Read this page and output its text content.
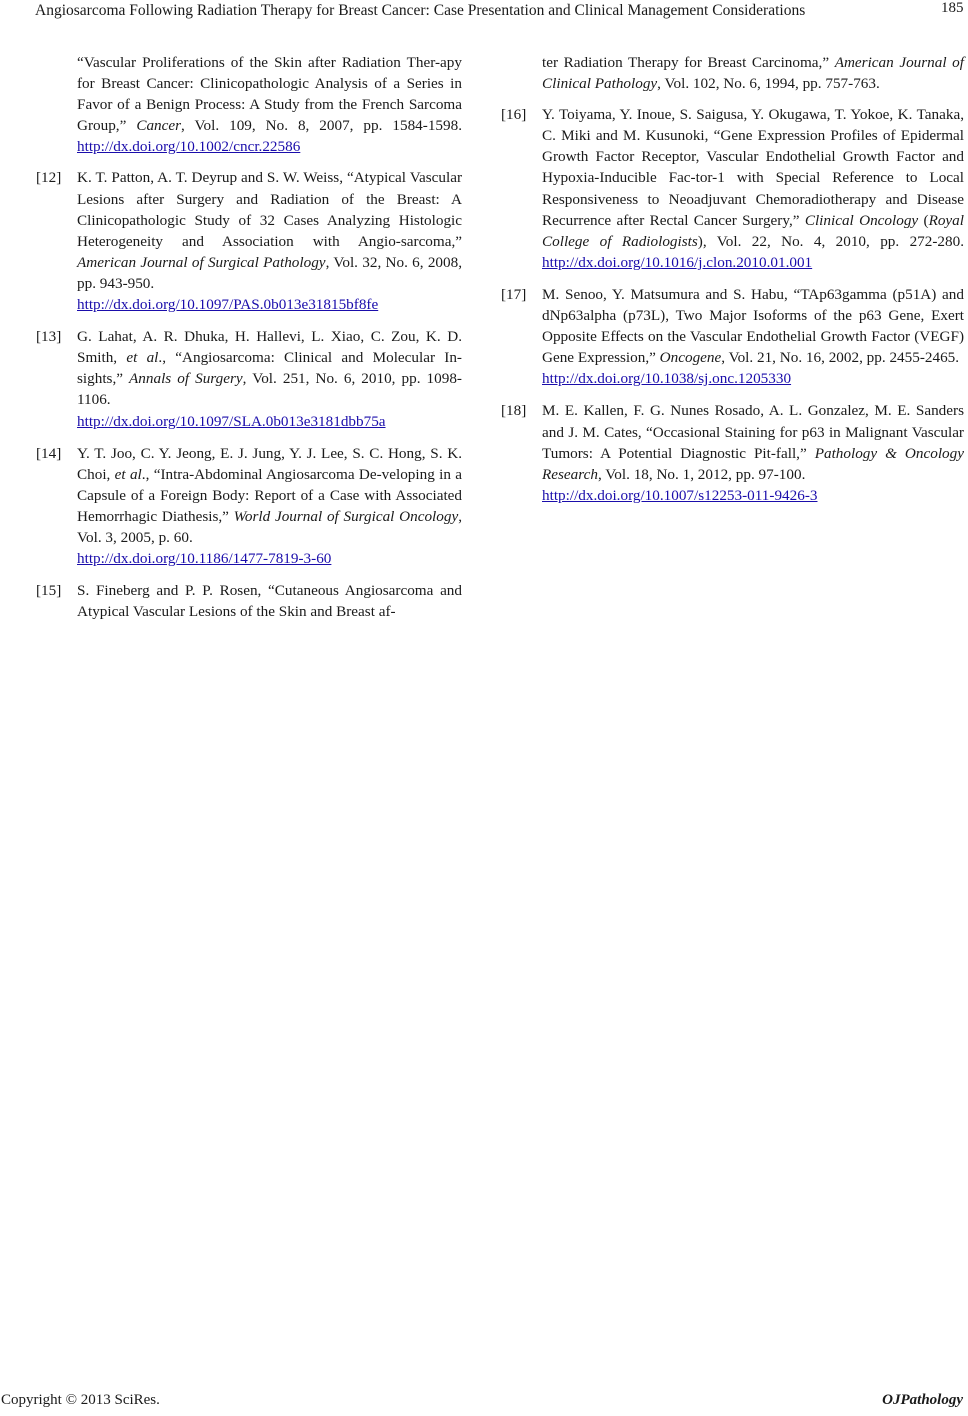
Angiosarcoma Following Radiation Therapy for Breast Cancer: Case Presentation and Clinical Management Considerations	185
“Vascular Proliferations of the Skin after Radiation Ther-apy for Breast Cancer: Clinicopathologic Analysis of a Series in Favor of a Benign Process: A Study from the French Sarcoma Group,” Cancer, Vol. 109, No. 8, 2007, pp. 1584-1598. http://dx.doi.org/10.1002/cncr.22586
[12] K. T. Patton, A. T. Deyrup and S. W. Weiss, “Atypical Vascular Lesions after Surgery and Radiation of the Breast: A Clinicopathologic Study of 32 Cases Analyzing Histologic Heterogeneity and Association with Angio-sarcoma,” American Journal of Surgical Pathology, Vol. 32, No. 6, 2008, pp. 943-950.
http://dx.doi.org/10.1097/PAS.0b013e31815bf8fe
[13] G. Lahat, A. R. Dhuka, H. Hallevi, L. Xiao, C. Zou, K. D. Smith, et al., “Angiosarcoma: Clinical and Molecular In-sights,” Annals of Surgery, Vol. 251, No. 6, 2010, pp. 1098-1106.
http://dx.doi.org/10.1097/SLA.0b013e3181dbb75a
[14] Y. T. Joo, C. Y. Jeong, E. J. Jung, Y. J. Lee, S. C. Hong, S. K. Choi, et al., “Intra-Abdominal Angiosarcoma De-veloping in a Capsule of a Foreign Body: Report of a Case with Associated Hemorrhagic Diathesis,” World Journal of Surgical Oncology, Vol. 3, 2005, p. 60.
http://dx.doi.org/10.1186/1477-7819-3-60
[15] S. Fineberg and P. P. Rosen, “Cutaneous Angiosarcoma and Atypical Vascular Lesions of the Skin and Breast af-
ter Radiation Therapy for Breast Carcinoma,” American Journal of Clinical Pathology, Vol. 102, No. 6, 1994, pp. 757-763.
[16] Y. Toiyama, Y. Inoue, S. Saigusa, Y. Okugawa, T. Yokoe, K. Tanaka, C. Miki and M. Kusunoki, “Gene Expression Profiles of Epidermal Growth Factor Receptor, Vascular Endothelial Growth Factor and Hypoxia-Inducible Fac-tor-1 with Special Reference to Local Responsiveness to Neoadjuvant Chemoradiotherapy and Disease Recurrence after Rectal Cancer Surgery,” Clinical Oncology (Royal College of Radiologists), Vol. 22, No. 4, 2010, pp. 272-280. http://dx.doi.org/10.1016/j.clon.2010.01.001
[17] M. Senoo, Y. Matsumura and S. Habu, “TAp63gamma (p51A) and dNp63alpha (p73L), Two Major Isoforms of the p63 Gene, Exert Opposite Effects on the Vascular Endothelial Growth Factor (VEGF) Gene Expression,” Oncogene, Vol. 21, No. 16, 2002, pp. 2455-2465.
http://dx.doi.org/10.1038/sj.onc.1205330
[18] M. E. Kallen, F. G. Nunes Rosado, A. L. Gonzalez, M. E. Sanders and J. M. Cates, “Occasional Staining for p63 in Malignant Vascular Tumors: A Potential Diagnostic Pit-fall,” Pathology & Oncology Research, Vol. 18, No. 1, 2012, pp. 97-100.
http://dx.doi.org/10.1007/s12253-011-9426-3
Copyright © 2013 SciRes.	OJPathology
